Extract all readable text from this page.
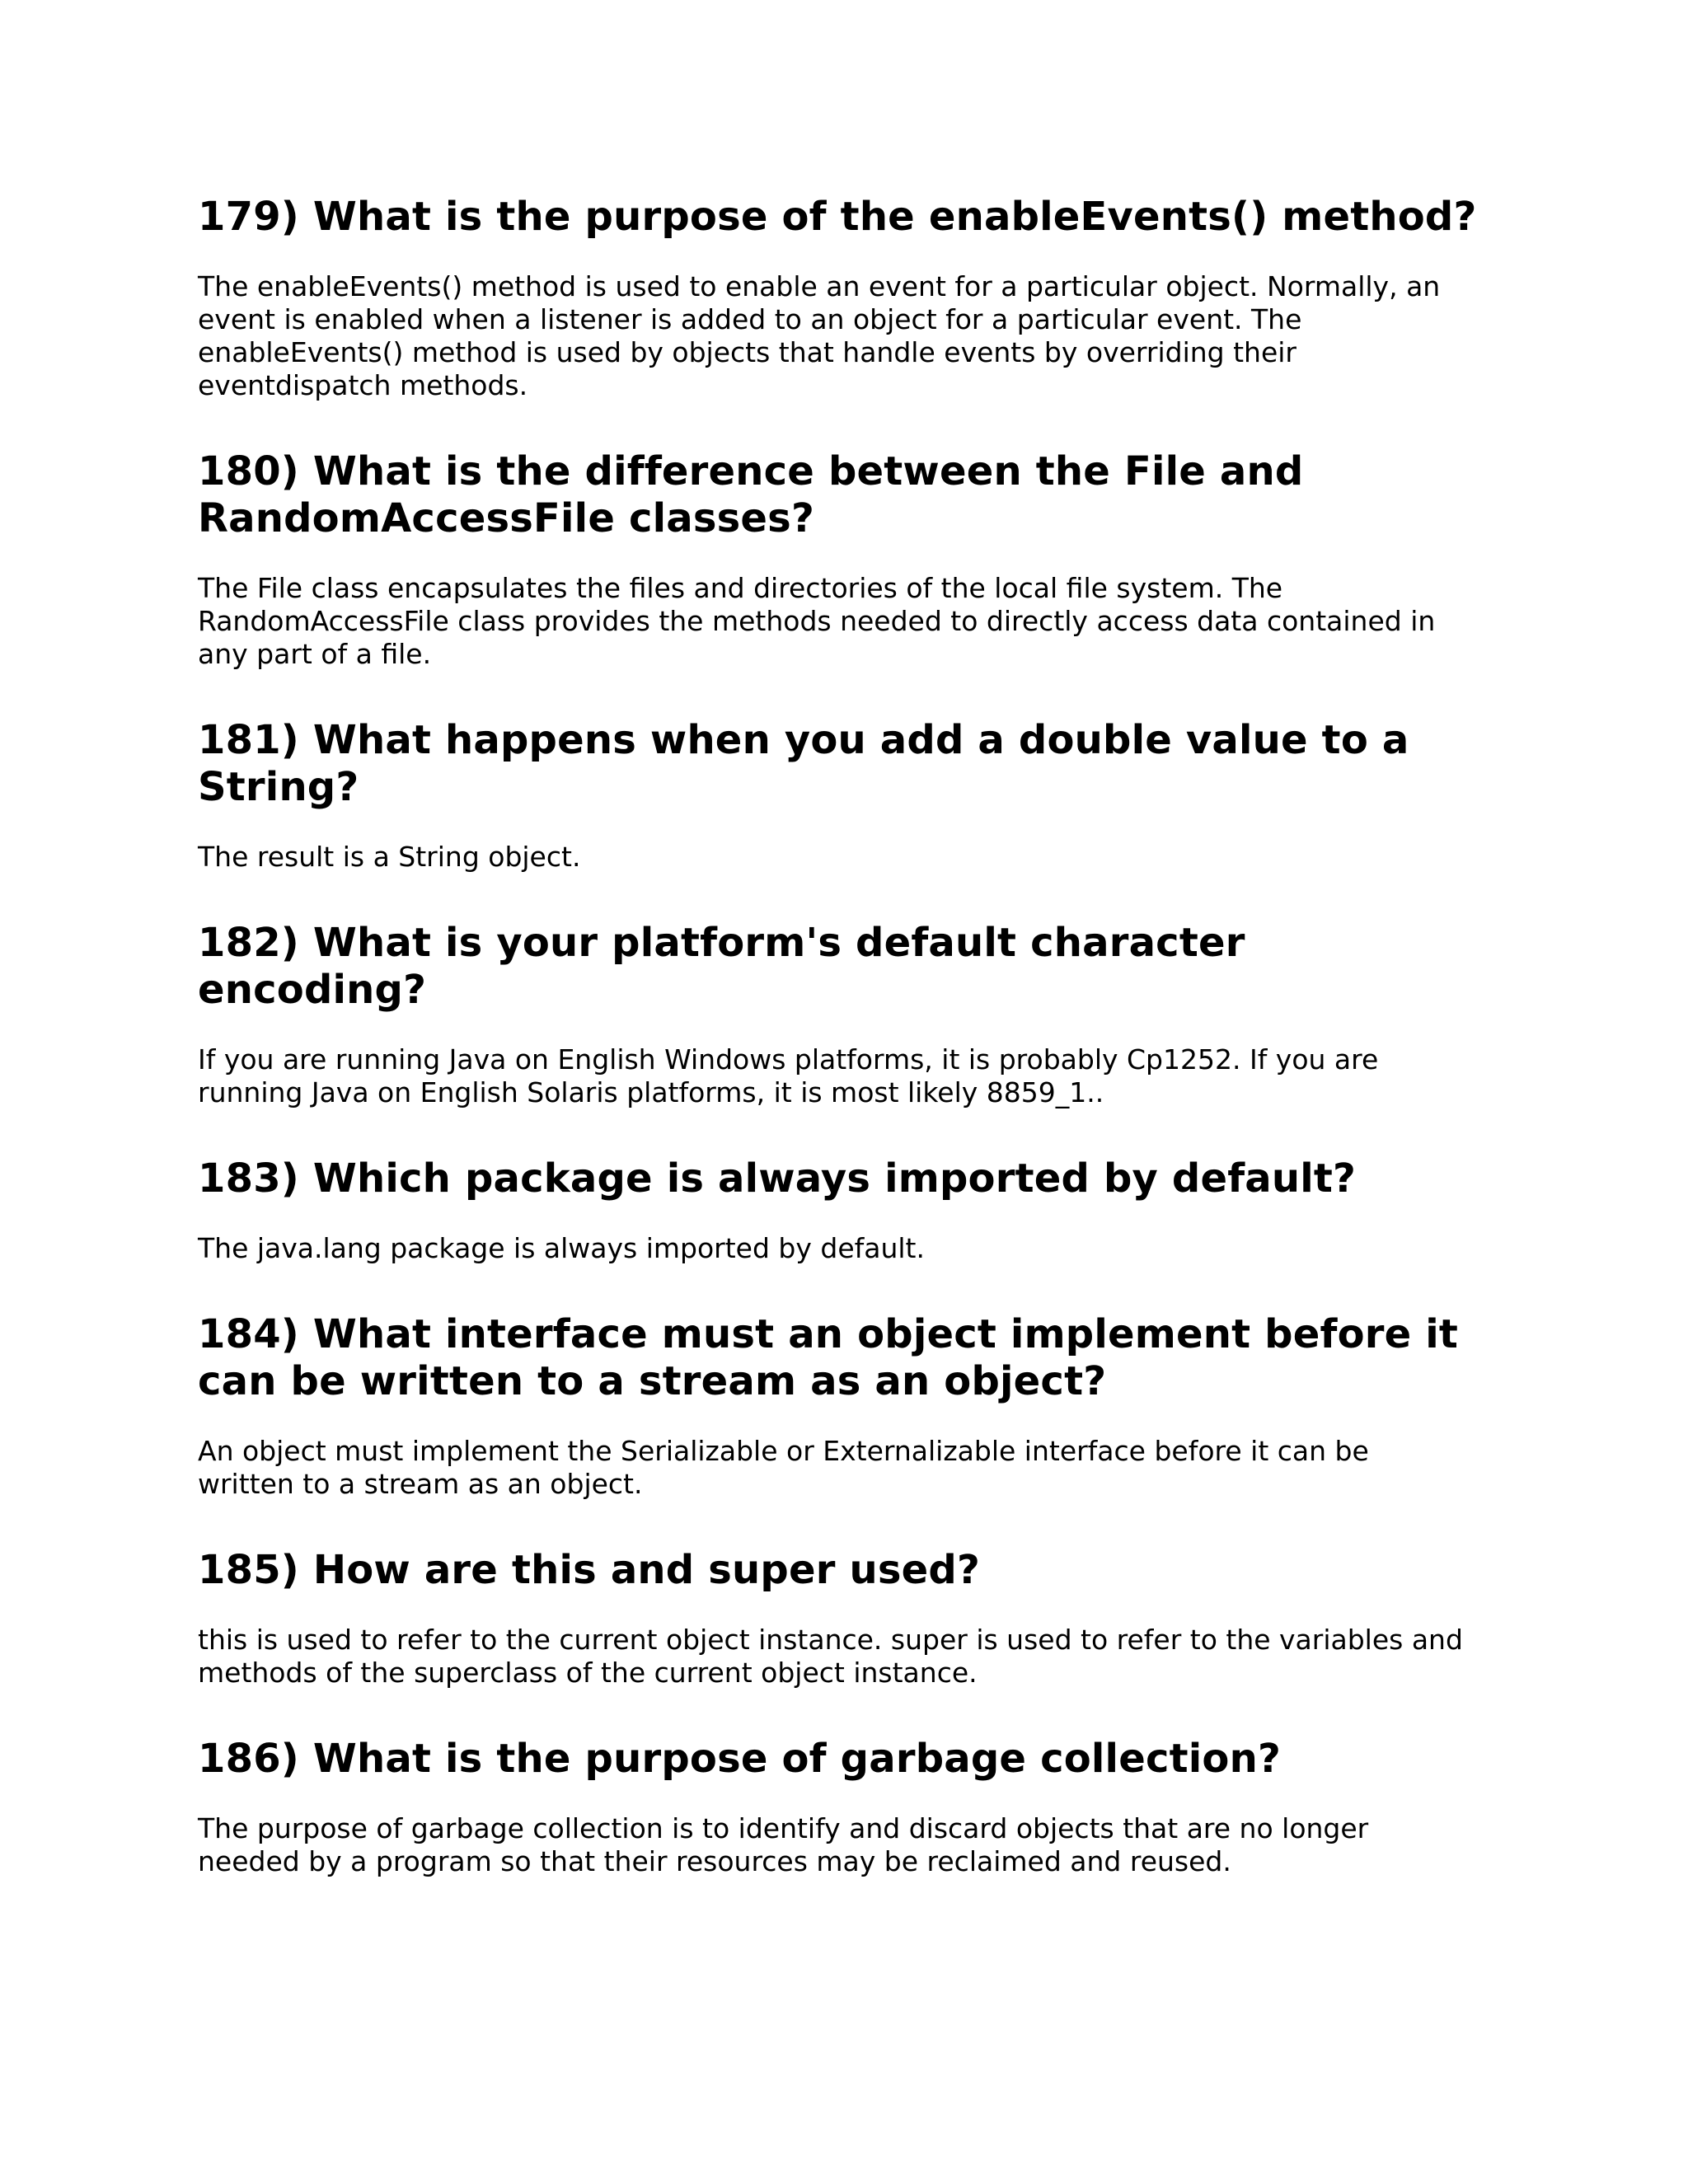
179) What is the purpose of the enableEvents() method?

The enableEvents() method is used to enable an event for a particular object. Normally, an event is enabled when a listener is added to an object for a particular event. The enableEvents() method is used by objects that handle events by overriding their eventdispatch methods.

180) What is the difference between the File and RandomAccessFile classes?

The File class encapsulates the files and directories of the local file system. The RandomAccessFile class provides the methods needed to directly access data contained in any part of a file.

181) What happens when you add a double value to a String?

The result is a String object.

182) What is your platform's default character encoding?

If you are running Java on English Windows platforms, it is probably Cp1252. If you are running Java on English Solaris platforms, it is most likely 8859_1..

183) Which package is always imported by default?

The java.lang package is always imported by default.

184) What interface must an object implement before it can be written to a stream as an object?

An object must implement the Serializable or Externalizable interface before it can be written to a stream as an object.

185) How are this and super used?

this is used to refer to the current object instance. super is used to refer to the variables and methods of the superclass of the current object instance.

186) What is the purpose of garbage collection?

The purpose of garbage collection is to identify and discard objects that are no longer needed by a program so that their resources may be reclaimed and reused.
